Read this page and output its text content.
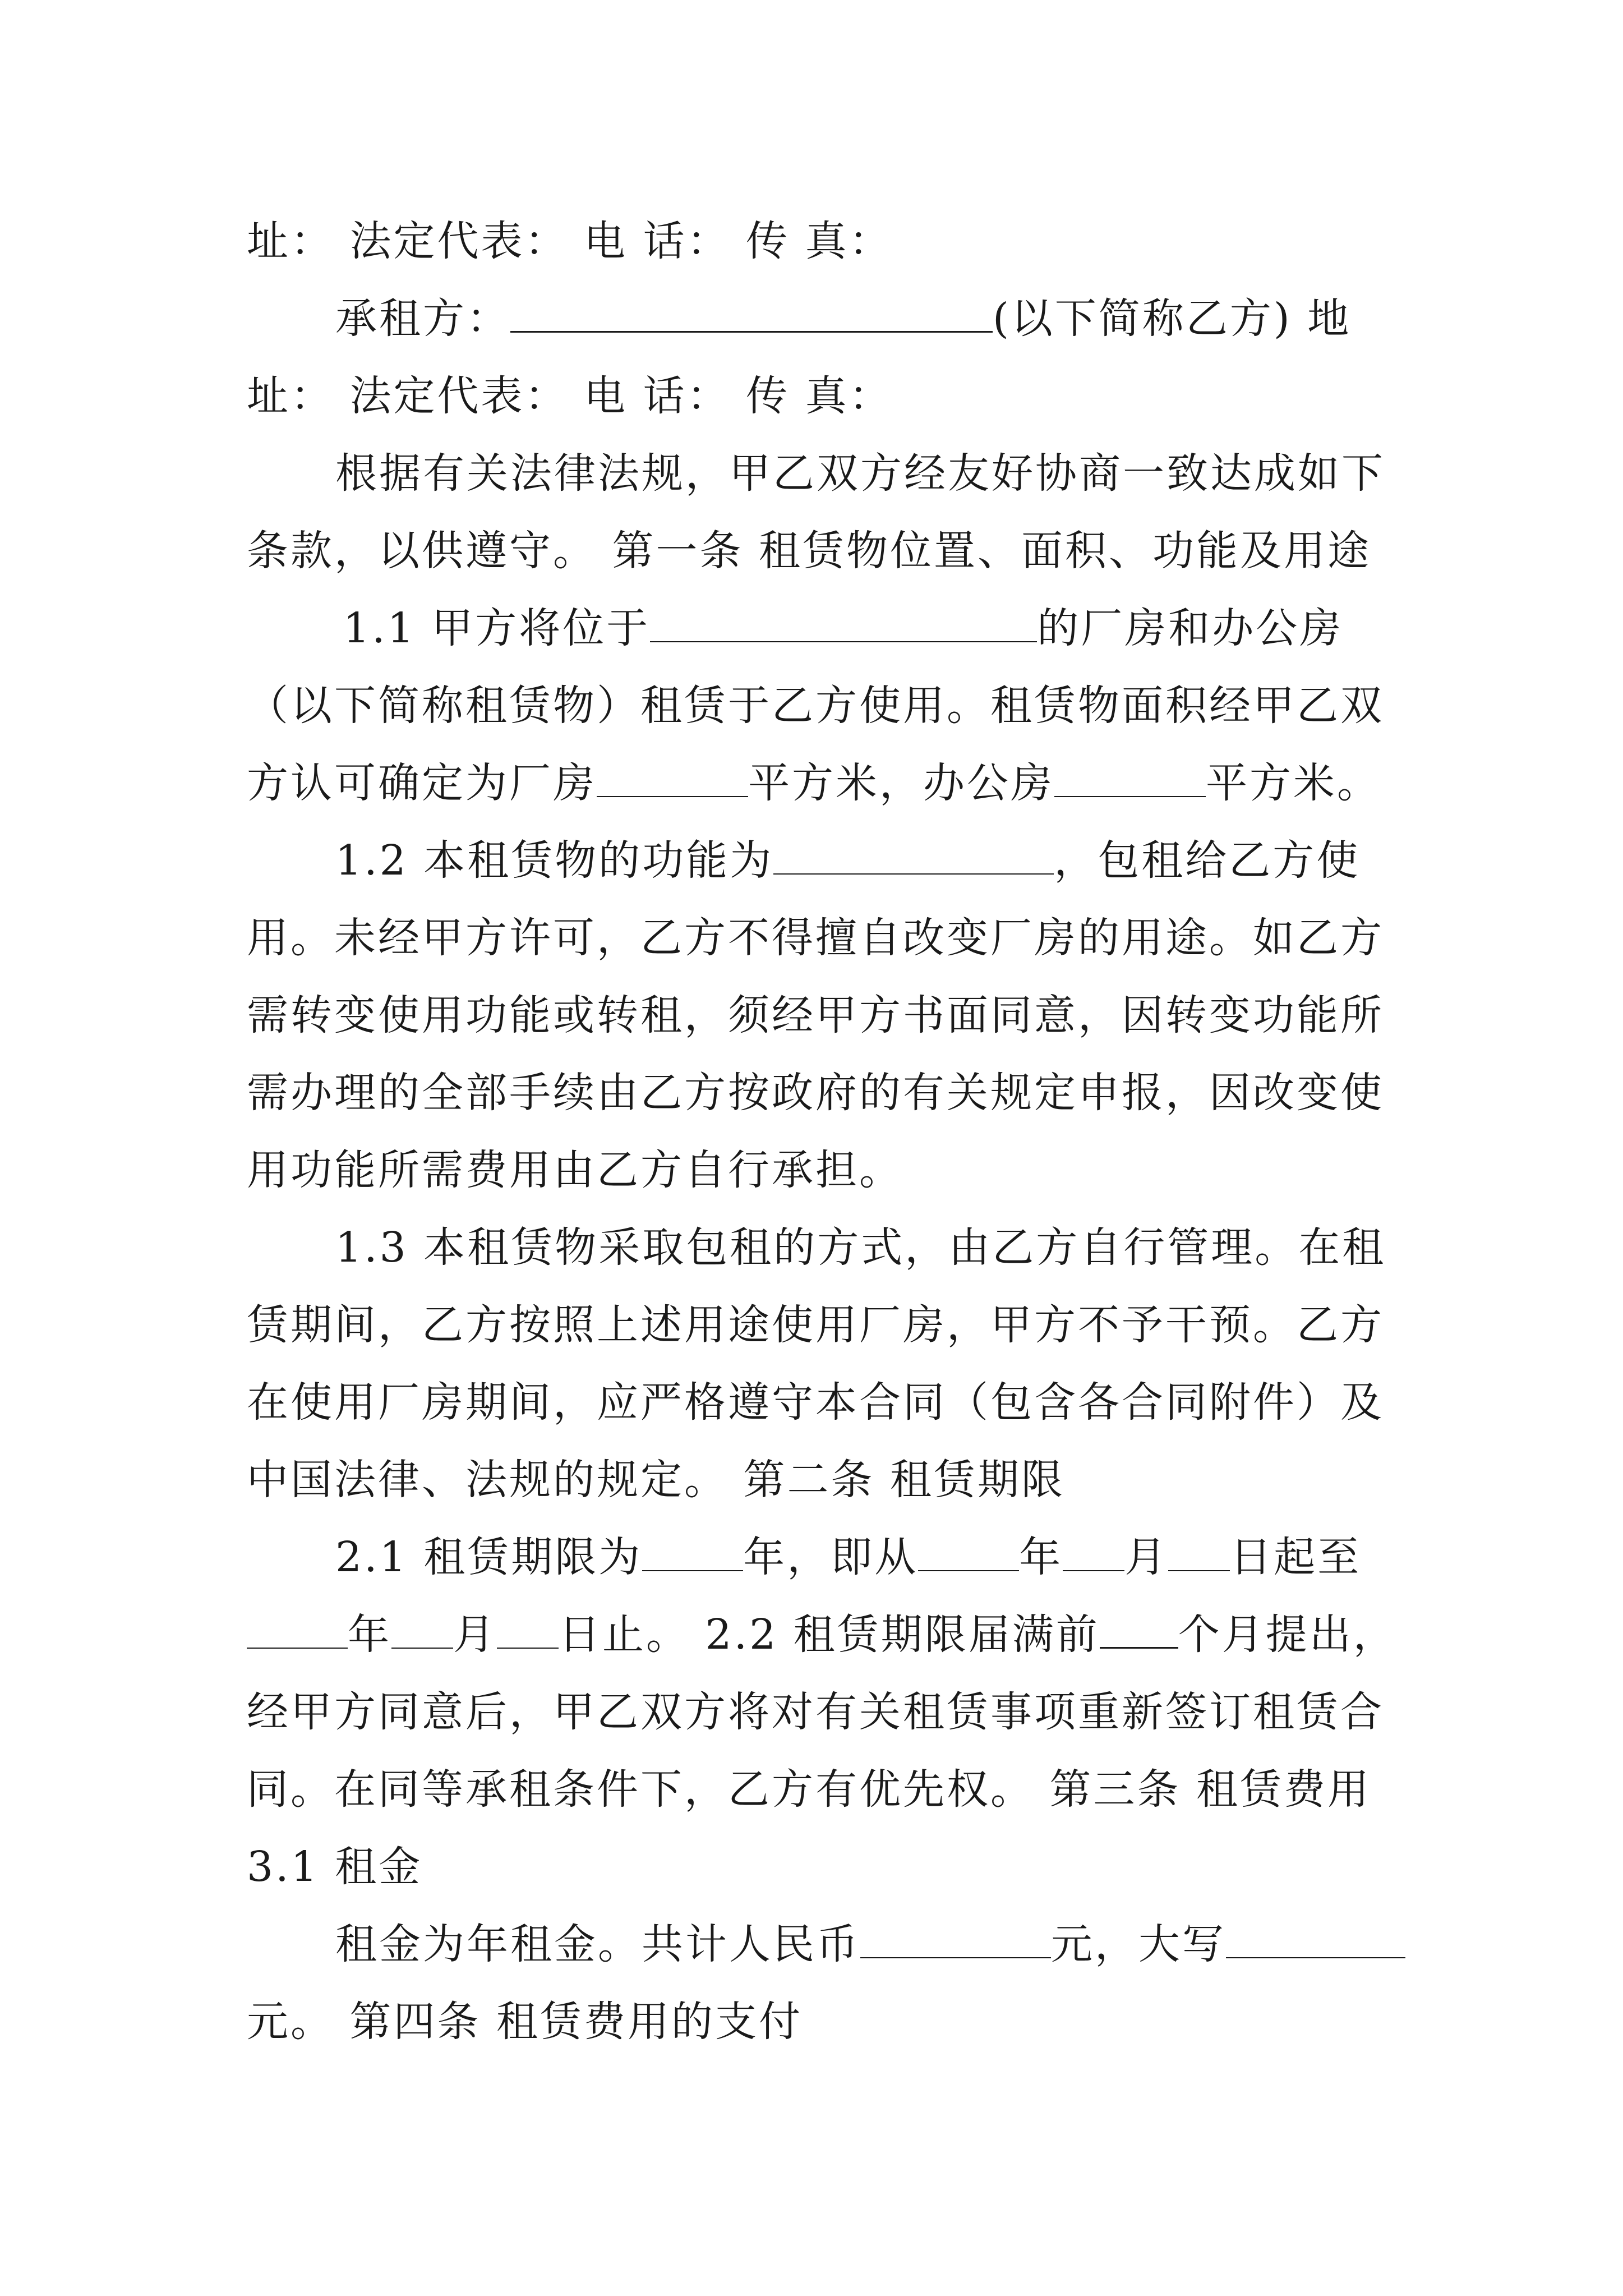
址： 法定代表： 电 话： 传 真：
承租方：	(以下简称乙方) 地
址： 法定代表： 电 话： 传 真：
根据有关法律法规，甲乙双方经友好协商一致达成如下
条款，以供遵守。 第一条 租赁物位置、面积、功能及用途
1.1 甲方将位于	的厂房和办公房
（以下简称租赁物）租赁于乙方使用。租赁物面积经甲乙双
方认可确定为厂房	平方米，办公房	平方米。
1.2 本租赁物的功能为	，包租给乙方使
用。未经甲方许可，乙方不得擅自改变厂房的用途。如乙方
需转变使用功能或转租，须经甲方书面同意，因转变功能所
需办理的全部手续由乙方按政府的有关规定申报，因改变使
用功能所需费用由乙方自行承担。
1.3 本租赁物采取包租的方式，由乙方自行管理。在租
赁期间，乙方按照上述用途使用厂房，甲方不予干预。乙方
在使用厂房期间，应严格遵守本合同（包含各合同附件）及
中国法律、法规的规定。 第二条 租赁期限
2.1 租赁期限为 年，即从 年 月 日起至
年 月 日止。 2.2 租赁期限届满前 个月提出，
经甲方同意后，甲乙双方将对有关租赁事项重新签订租赁合
同。在同等承租条件下，乙方有优先权。 第三条 租赁费用
3.1 租金
租金为年租金。共计人民币	元，大写
元。 第四条 租赁费用的支付
